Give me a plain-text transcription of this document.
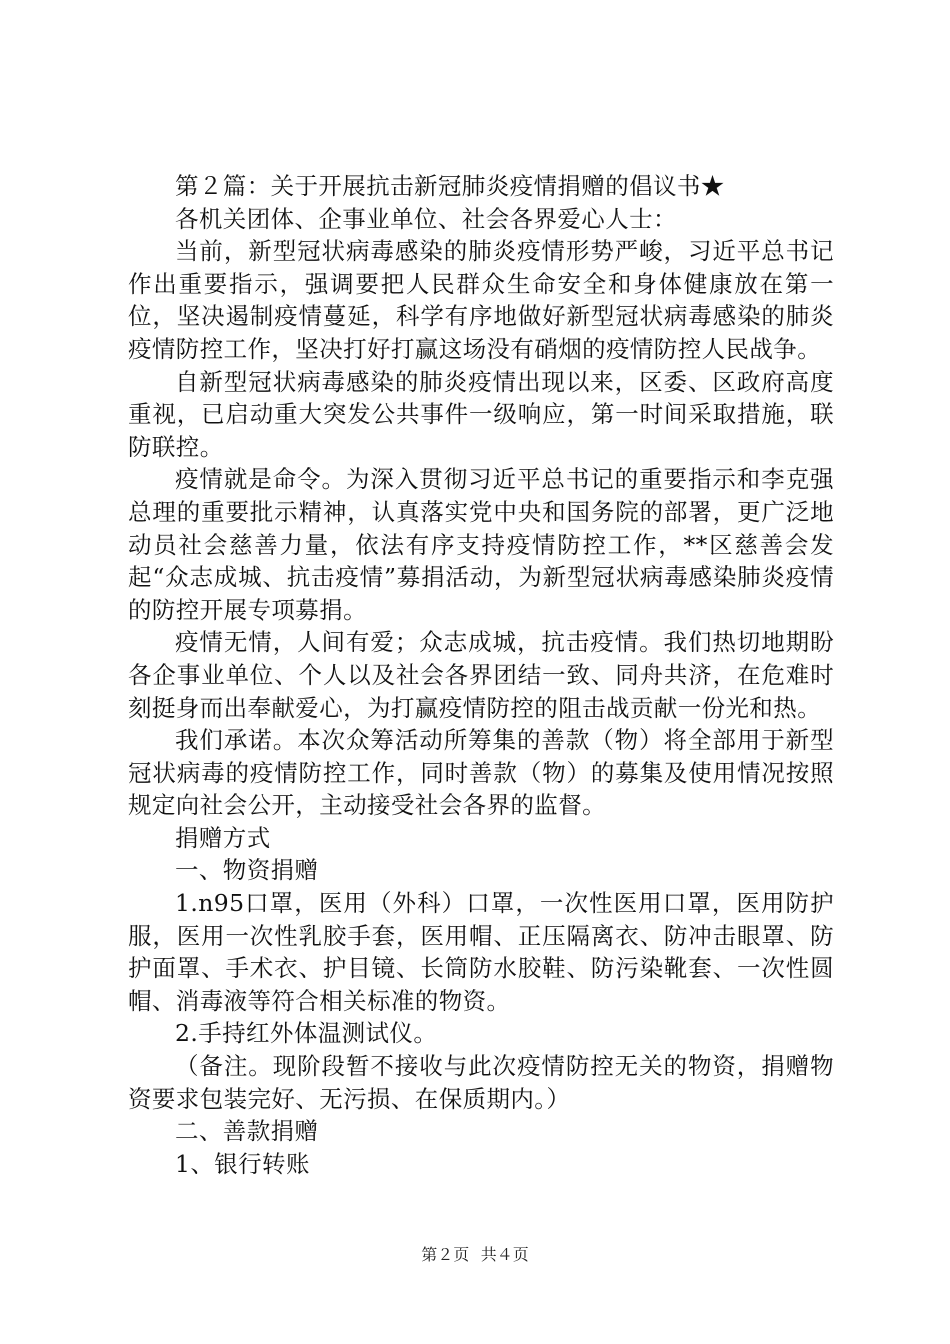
第２篇：关于开展抗击新冠肺炎疫情捐赠的倡议书★
各机关团体、企事业单位、社会各界爱心人士：
当前，新型冠状病毒感染的肺炎疫情形势严峻，习近平总书记作出重要指示，强调要把人民群众生命安全和身体健康放在第一位，坚决遏制疫情蔓延，科学有序地做好新型冠状病毒感染的肺炎疫情防控工作，坚决打好打赢这场没有硝烟的疫情防控人民战争。
自新型冠状病毒感染的肺炎疫情出现以来，区委、区政府高度重视，已启动重大突发公共事件一级响应，第一时间采取措施，联防联控。
疫情就是命令。为深入贯彻习近平总书记的重要指示和李克强总理的重要批示精神，认真落实党中央和国务院的部署，更广泛地动员社会慈善力量，依法有序支持疫情防控工作，**区慈善会发起“众志成城、抗击疫情”募捐活动，为新型冠状病毒感染肺炎疫情的防控开展专项募捐。
疫情无情，人间有爱；众志成城，抗击疫情。我们热切地期盼各企事业单位、个人以及社会各界团结一致、同舟共济，在危难时刻挺身而出奉献爱心，为打赢疫情防控的阻击战贡献一份光和热。
我们承诺。本次众筹活动所筹集的善款（物）将全部用于新型冠状病毒的疫情防控工作，同时善款（物）的募集及使用情况按照规定向社会公开，主动接受社会各界的监督。
捐赠方式
一、物资捐赠
1.n95口罩，医用（外科）口罩，一次性医用口罩，医用防护服，医用一次性乳胶手套，医用帽、正压隔离衣、防冲击眼罩、防护面罩、手术衣、护目镜、长筒防水胶鞋、防污染靴套、一次性圆帽、消毒液等符合相关标准的物资。
2.手持红外体温测试仪。
（备注。现阶段暂不接收与此次疫情防控无关的物资，捐赠物资要求包装完好、无污损、在保质期内。）
二、善款捐赠
1、银行转账
第２页 共４页
